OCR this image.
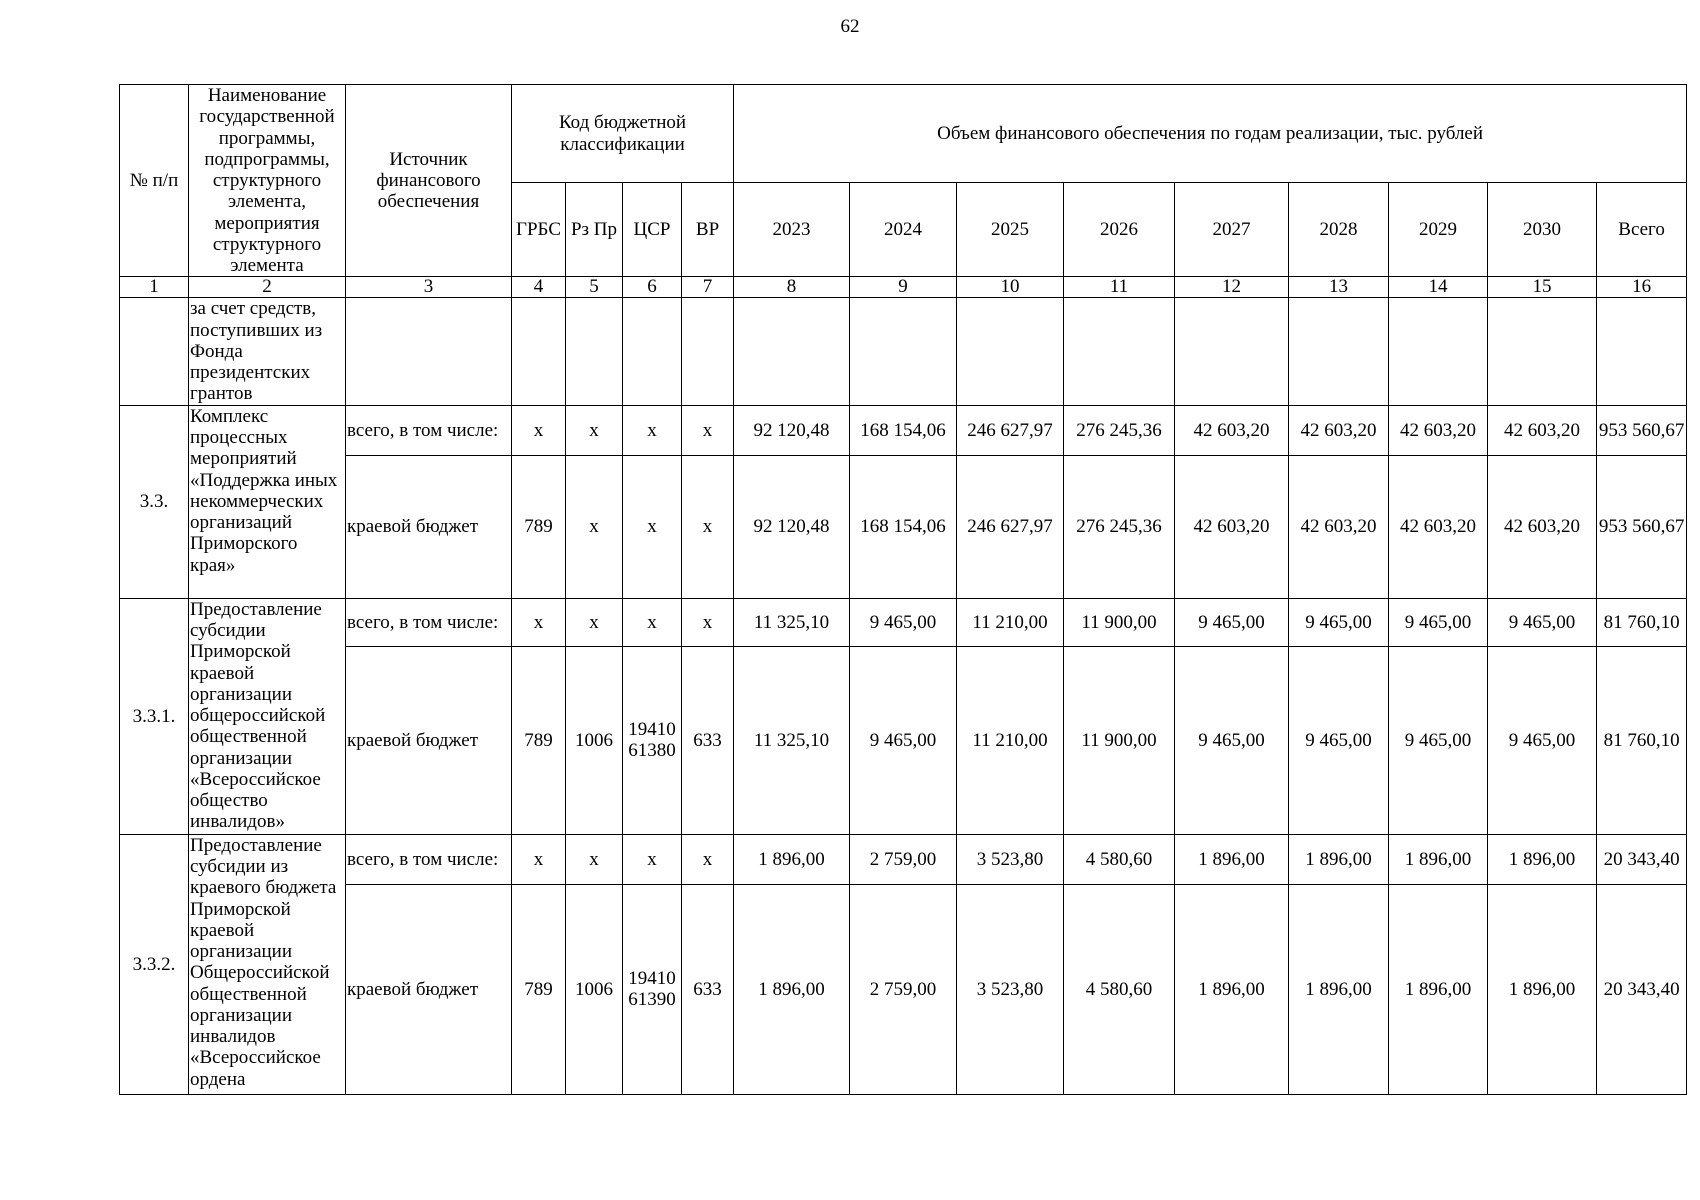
62
№ п/п	Наименование государственной программы, подпрограммы, структурного элемента, мероприятия структурного элемента	Источник финансового обеспечения	Код бюджетной классификации				Объем финансового обеспечения по годам реализации, тыс. рублей								
			ГРБС	Рз Пр	ЦСР	ВР	2023	2024	2025	2026	2027	2028	2029	2030	Всего
1	2	3	4	5	6	7	8	9	10	11	12	13	14	15	16
	за счет средств, поступивших из Фонда президентских грантов														
3.3.	Комплекс процессных мероприятий «Поддержка иных некоммерческих организаций Приморского края»	всего, в том числе:	x	x	x	x	92 120,48	168 154,06	246 627,97	276 245,36	42 603,20	42 603,20	42 603,20	42 603,20	953 560,67
		краевой бюджет	789	x	x	x	92 120,48	168 154,06	246 627,97	276 245,36	42 603,20	42 603,20	42 603,20	42 603,20	953 560,67
3.3.1.	Предоставление субсидии Приморской краевой организации общероссийской общественной организации «Всероссийское общество инвалидов»	всего, в том числе:	x	x	x	x	11 325,10	9 465,00	11 210,00	11 900,00	9 465,00	9 465,00	9 465,00	9 465,00	81 760,10
		краевой бюджет	789	1006	19410 61380	633	11 325,10	9 465,00	11 210,00	11 900,00	9 465,00	9 465,00	9 465,00	9 465,00	81 760,10
3.3.2.	Предоставление субсидии из краевого бюджета Приморской краевой организации Общероссийской общественной организации инвалидов «Всероссийское ордена	всего, в том числе:	x	x	x	x	1 896,00	2 759,00	3 523,80	4 580,60	1 896,00	1 896,00	1 896,00	1 896,00	20 343,40
		краевой бюджет	789	1006	19410 61390	633	1 896,00	2 759,00	3 523,80	4 580,60	1 896,00	1 896,00	1 896,00	1 896,00	20 343,40
